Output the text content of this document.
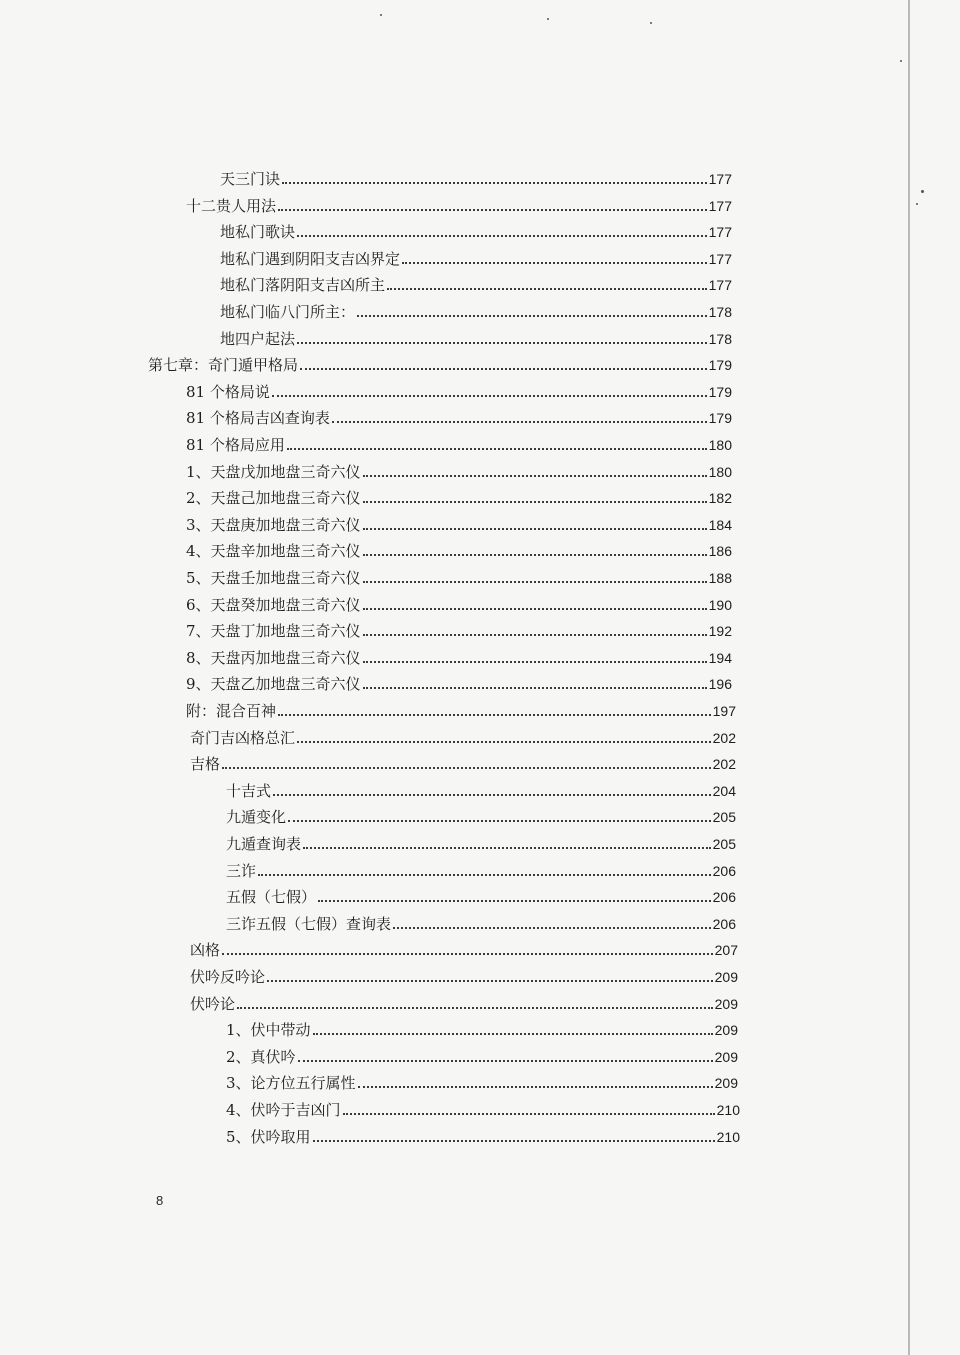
天三门诀	177
十二贵人用法	177
地私门歌诀	177
地私门遇到阴阳支吉凶界定	177
地私门落阴阳支吉凶所主	177
地私门临八门所主：	178
地四户起法	178
第七章：奇门遁甲格局	179
81 个格局说	179
81 个格局吉凶查询表	179
81 个格局应用	180
1、天盘戊加地盘三奇六仪	180
2、天盘己加地盘三奇六仪	182
3、天盘庚加地盘三奇六仪	184
4、天盘辛加地盘三奇六仪	186
5、天盘壬加地盘三奇六仪	188
6、天盘癸加地盘三奇六仪	190
7、天盘丁加地盘三奇六仪	192
8、天盘丙加地盘三奇六仪	194
9、天盘乙加地盘三奇六仪	196
附：混合百神	197
奇门吉凶格总汇	202
吉格	202
十吉式	204
九遁变化	205
九遁查询表	205
三诈	206
五假（七假）	206
三诈五假（七假）查询表	206
凶格	207
伏吟反吟论	209
伏吟论	209
1、伏中带动	209
2、真伏吟	209
3、论方位五行属性	209
4、伏吟于吉凶门	210
5、伏吟取用	210
8
